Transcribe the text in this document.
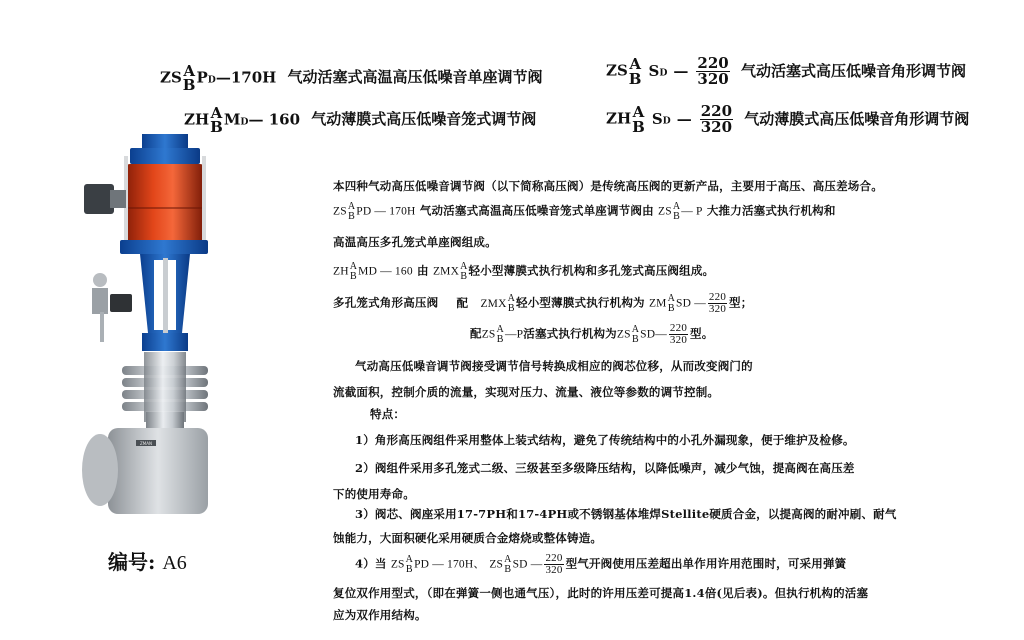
ZS A
B PD—170H 气动活塞式高温高压低噪音单座调节阀	ZS A
B SD — $\frac{220}{320}$ 气动活塞式高压低噪音角形调节阀
ZH A
B MD— 160 气动薄膜式高压低噪音笼式调节阀	ZH A
B SD — $\frac{220}{320}$ 气动薄膜式高压低噪音角形调节阀
ZMAN
编号: A6
本四种气动高压低噪音调节阀（以下简称高压阀）是传统高压阀的更新产品，主要用于高压、高压差场合。
ZS A
B PD — 170H 气动活塞式高温高压低噪音笼式单座调节阀由 ZS A
B — P 大推力活塞式执行机构和
高温高压多孔笼式单座阀组成。
ZH A
B MD — 160 由 ZMX A
B 轻小型薄膜式执行机构和多孔笼式高压阀组成。
多孔笼式角形高压阀 配 ZMX A
B 轻小型薄膜式执行机构为 ZM A
B SD — $\frac{220}{320}$ 型；
配ZS A
B —P活塞式执行机构为ZS A
B SD— $\frac{220}{320}$ 型。
气动高压低噪音调节阀接受调节信号转换成相应的阀芯位移，从而改变阀门的
流截面积，控制介质的流量，实现对压力、流量、液位等参数的调节控制。
特点：
1）角形高压阀组件采用整体上装式结构，避免了传统结构中的小孔外漏现象，便于维护及检修。
2）阀组件采用多孔笼式二级、三级甚至多级降压结构，以降低噪声，减少气蚀，提高阀在高压差
下的使用寿命。
3）阀芯、阀座采用17-7PH和17-4PH或不锈钢基体堆焊Stellite硬质合金，以提高阀的耐冲刷、耐气
蚀能力，大面积硬化采用硬质合金熔烧或整体铸造。
4）当 ZS A
B PD — 170H、 ZS A
B SD — $\frac{220}{320}$ 型气开阀使用压差超出单作用许用范围时，可采用弹簧
复位双作用型式，（即在弹簧一侧也通气压），此时的许用压差可提高1.4倍(见后表)。但执行机构的活塞
应为双作用结构。
